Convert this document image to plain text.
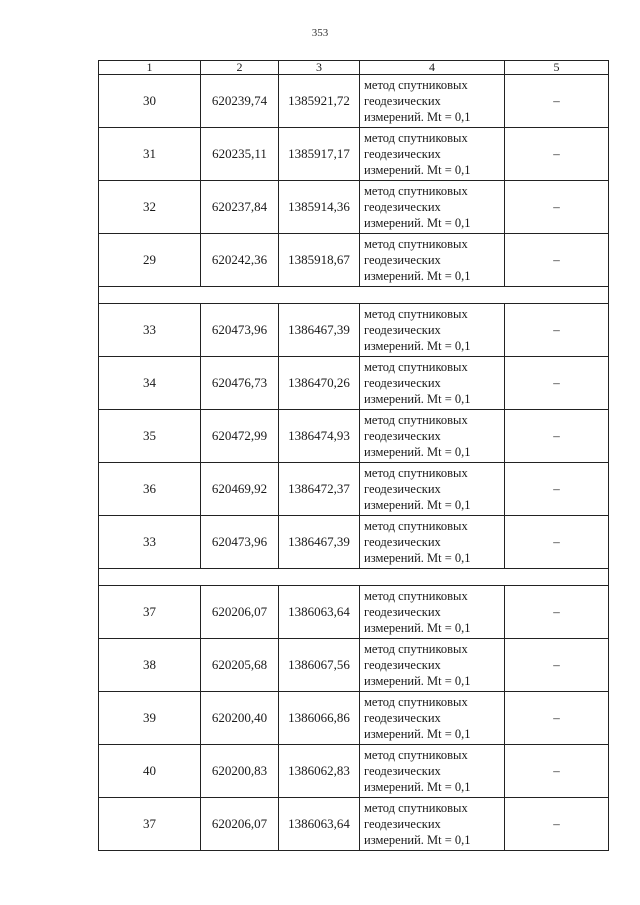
353
1	2	3	4	5
30	620239,74	1385921,72	метод спутниковых
геодезических
измерений. Mt = 0,1	–
31	620235,11	1385917,17	метод спутниковых
геодезических
измерений. Mt = 0,1	–
32	620237,84	1385914,36	метод спутниковых
геодезических
измерений. Mt = 0,1	–
29	620242,36	1385918,67	метод спутниковых
геодезических
измерений. Mt = 0,1	–

33	620473,96	1386467,39	метод спутниковых
геодезических
измерений. Mt = 0,1	–
34	620476,73	1386470,26	метод спутниковых
геодезических
измерений. Mt = 0,1	–
35	620472,99	1386474,93	метод спутниковых
геодезических
измерений. Mt = 0,1	–
36	620469,92	1386472,37	метод спутниковых
геодезических
измерений. Mt = 0,1	–
33	620473,96	1386467,39	метод спутниковых
геодезических
измерений. Mt = 0,1	–

37	620206,07	1386063,64	метод спутниковых
геодезических
измерений. Mt = 0,1	–
38	620205,68	1386067,56	метод спутниковых
геодезических
измерений. Mt = 0,1	–
39	620200,40	1386066,86	метод спутниковых
геодезических
измерений. Mt = 0,1	–
40	620200,83	1386062,83	метод спутниковых
геодезических
измерений. Mt = 0,1	–
37	620206,07	1386063,64	метод спутниковых
геодезических
измерений. Mt = 0,1	–
